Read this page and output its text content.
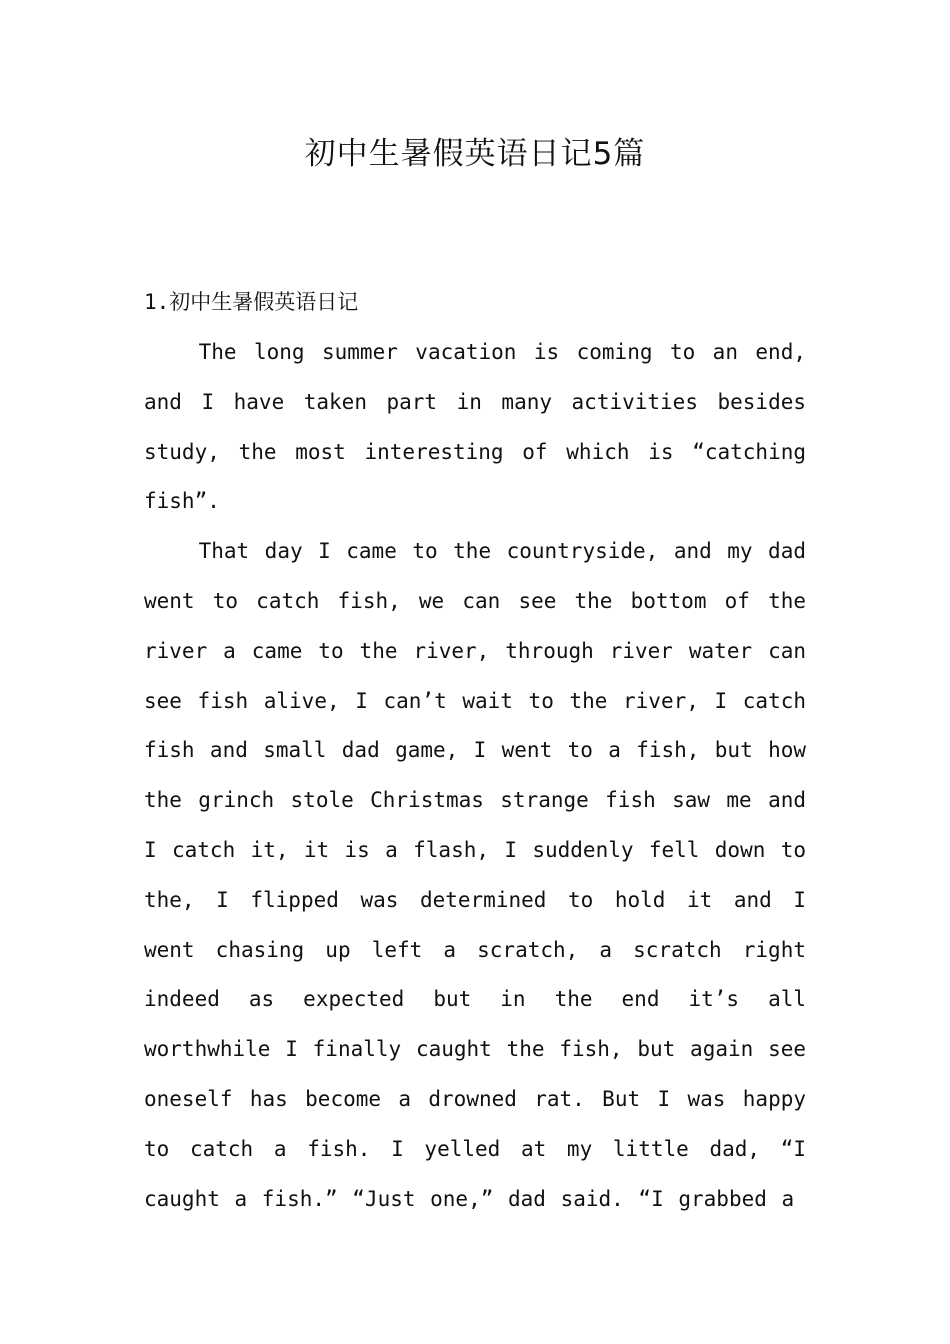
初中生暑假英语日记5篇
1.初中生暑假英语日记

The long summer vacation is coming to an end, and I have taken part in many activities besides study, the most interesting of which is “catching fish”.

That day I came to the countryside, and my dad went to catch fish, we can see the bottom of the river a came to the river, through river water can see fish alive, I can’t wait to the river, I catch fish and small dad game, I went to a fish, but how the grinch stole Christmas strange fish saw me and I catch it, it is a flash, I suddenly fell down to the, I flipped was determined to hold it and I went chasing up left a scratch, a scratch right indeed as expected but in the end it’s all worthwhile I finally caught the fish, but again see oneself has become a drowned rat. But I was happy to catch a fish. I yelled at my little dad, “I caught a fish.” “Just one,” dad said. “I grabbed a
